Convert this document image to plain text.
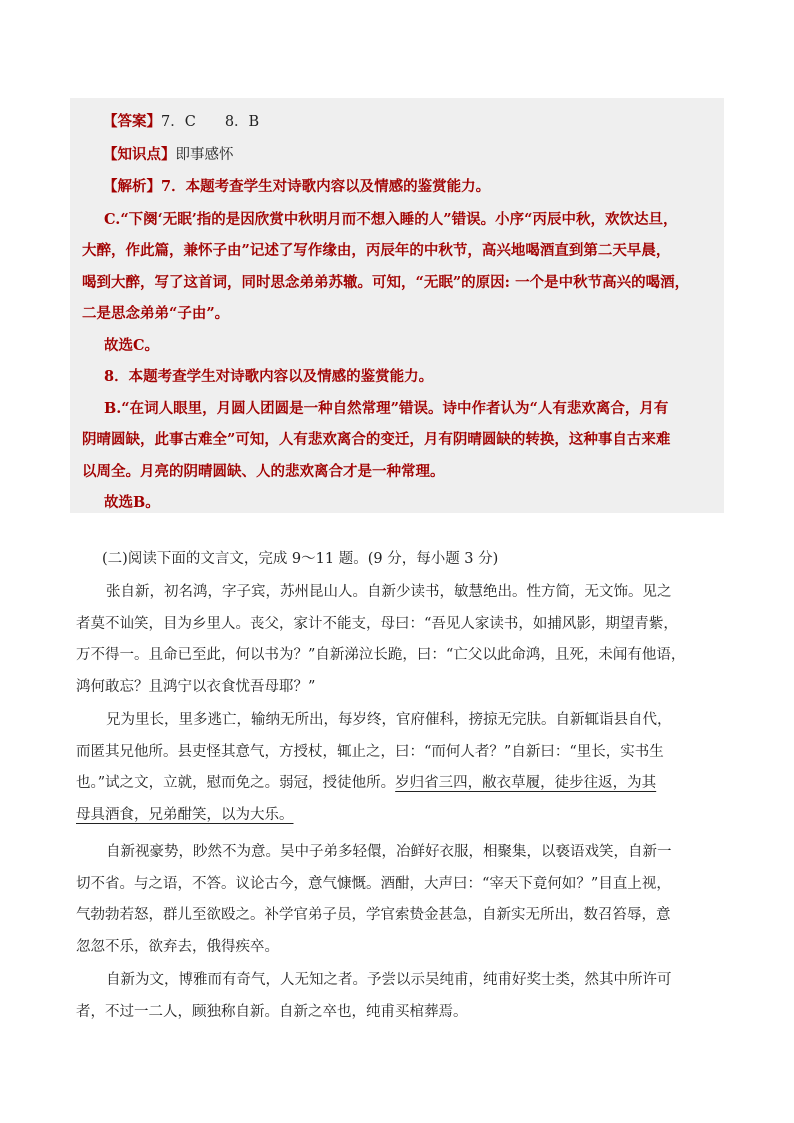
【答案】7．C　　8．B
【知识点】即事感怀
【解析】7．本题考查学生对诗歌内容以及情感的鉴赏能力。
C.“下阕‘无眠’指的是因欣赏中秋明月而不想入睡的人”错误。小序“丙辰中秋，欢饮达旦，
大醉，作此篇，兼怀子由”记述了写作缘由，丙辰年的中秋节，高兴地喝酒直到第二天早晨，
喝到大醉，写了这首词，同时思念弟弟苏辙。可知，“无眠”的原因: 一个是中秋节高兴的喝酒，
二是思念弟弟“子由”。
故选C。
8．本题考查学生对诗歌内容以及情感的鉴赏能力。
B.“在词人眼里，月圆人团圆是一种自然常理”错误。诗中作者认为“人有悲欢离合，月有
阴晴圆缺，此事古难全”可知，人有悲欢离合的变迁，月有阴晴圆缺的转换，这种事自古来难
以周全。月亮的阴晴圆缺、人的悲欢离合才是一种常理。
故选B。
(二)阅读下面的文言文，完成 9～11 题。(9 分，每小题 3 分)
张自新，初名鸿，字子宾，苏州昆山人。自新少读书，敏慧绝出。性方简，无文饰。见之
者莫不讪笑，目为乡里人。丧父，家计不能支，母曰：“吾见人家读书，如捕风影，期望青紫，
万不得一。且命已至此，何以书为？”自新涕泣长跪，曰：“亡父以此命鸿，且死，未闻有他语，
鸿何敢忘？且鸿宁以衣食忧吾母耶？”
兄为里长，里多逃亡，输纳无所出，每岁终，官府催科，搒掠无完肤。自新辄诣县自代，
而匿其兄他所。县吏怪其意气，方授杖，辄止之，曰：“而何人者？”自新曰：“里长，实书生
也。”试之文，立就，慰而免之。弱冠，授徒他所。岁归省三四，敝衣草履，徒步往返，为其
母具酒食，兄弟酣笑，以为大乐。
自新视豪势，眇然不为意。吴中子弟多轻儇，冶鲜好衣服，相聚集，以亵语戏笑，自新一
切不省。与之语，不答。议论古今，意气慷慨。酒酣，大声曰：“宰天下竟何如？”目直上视，
气勃勃若怒，群儿至欲殴之。补学官弟子员，学官索贽金甚急，自新实无所出，数召笞辱，意
忽忽不乐，欲弃去，俄得疾卒。
自新为文，博雅而有奇气，人无知之者。予尝以示吴纯甫，纯甫好奖士类，然其中所许可
者，不过一二人，顾独称自新。自新之卒也，纯甫买棺葬焉。
